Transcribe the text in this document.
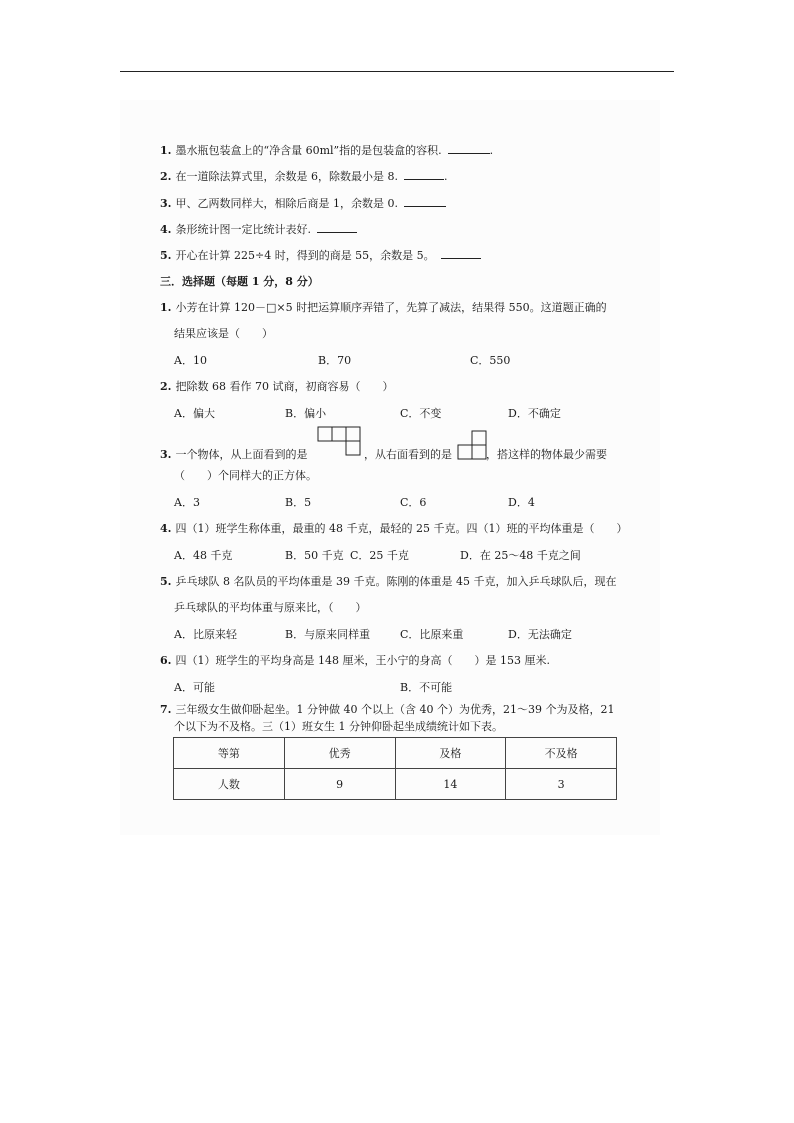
1. 墨水瓶包装盒上的“净含量 60ml”指的是包装盒的容积.	.
2. 在一道除法算式里，余数是 6，除数最小是 8.	.
3. 甲、乙两数同样大，相除后商是 1，余数是 0.
4. 条形统计图一定比统计表好.
5. 开心在计算 225÷4 时，得到的商是 55，余数是 5。
三．选择题（每题 1 分，8 分）
1. 小芳在计算 120－□×5 时把运算顺序弄错了，先算了减法，结果得 550。这道题正确的
结果应该是（　　）
A．10	B．70	C．550
2. 把除数 68 看作 70 试商，初商容易（　　）
A．偏大	B．偏小	C．不变	D．不确定
3. 一个物体，从上面看到的是	，从右面看到的是	，搭这样的物体最少需要
（　　）个同样大的正方体。
A．3	B．5	C．6	D．4
4. 四（1）班学生称体重，最重的 48 千克，最轻的 25 千克。四（1）班的平均体重是（　　）
A．48 千克	B．50 千克 C．25 千克	D．在 25～48 千克之间
5. 乒乓球队 8 名队员的平均体重是 39 千克。陈刚的体重是 45 千克，加入乒乓球队后，现在
乒乓球队的平均体重与原来比，（　　）
A．比原来轻	B．与原来同样重	C．比原来重	D．无法确定
6. 四（1）班学生的平均身高是 148 厘米，王小宁的身高（　　）是 153 厘米.
A．可能	B．不可能
7. 三年级女生做仰卧起坐。1 分钟做 40 个以上（含 40 个）为优秀，21～39 个为及格，21
个以下为不及格。三（1）班女生 1 分钟仰卧起坐成绩统计如下表。
等第	优秀	及格	不及格
人数	9	14	3
